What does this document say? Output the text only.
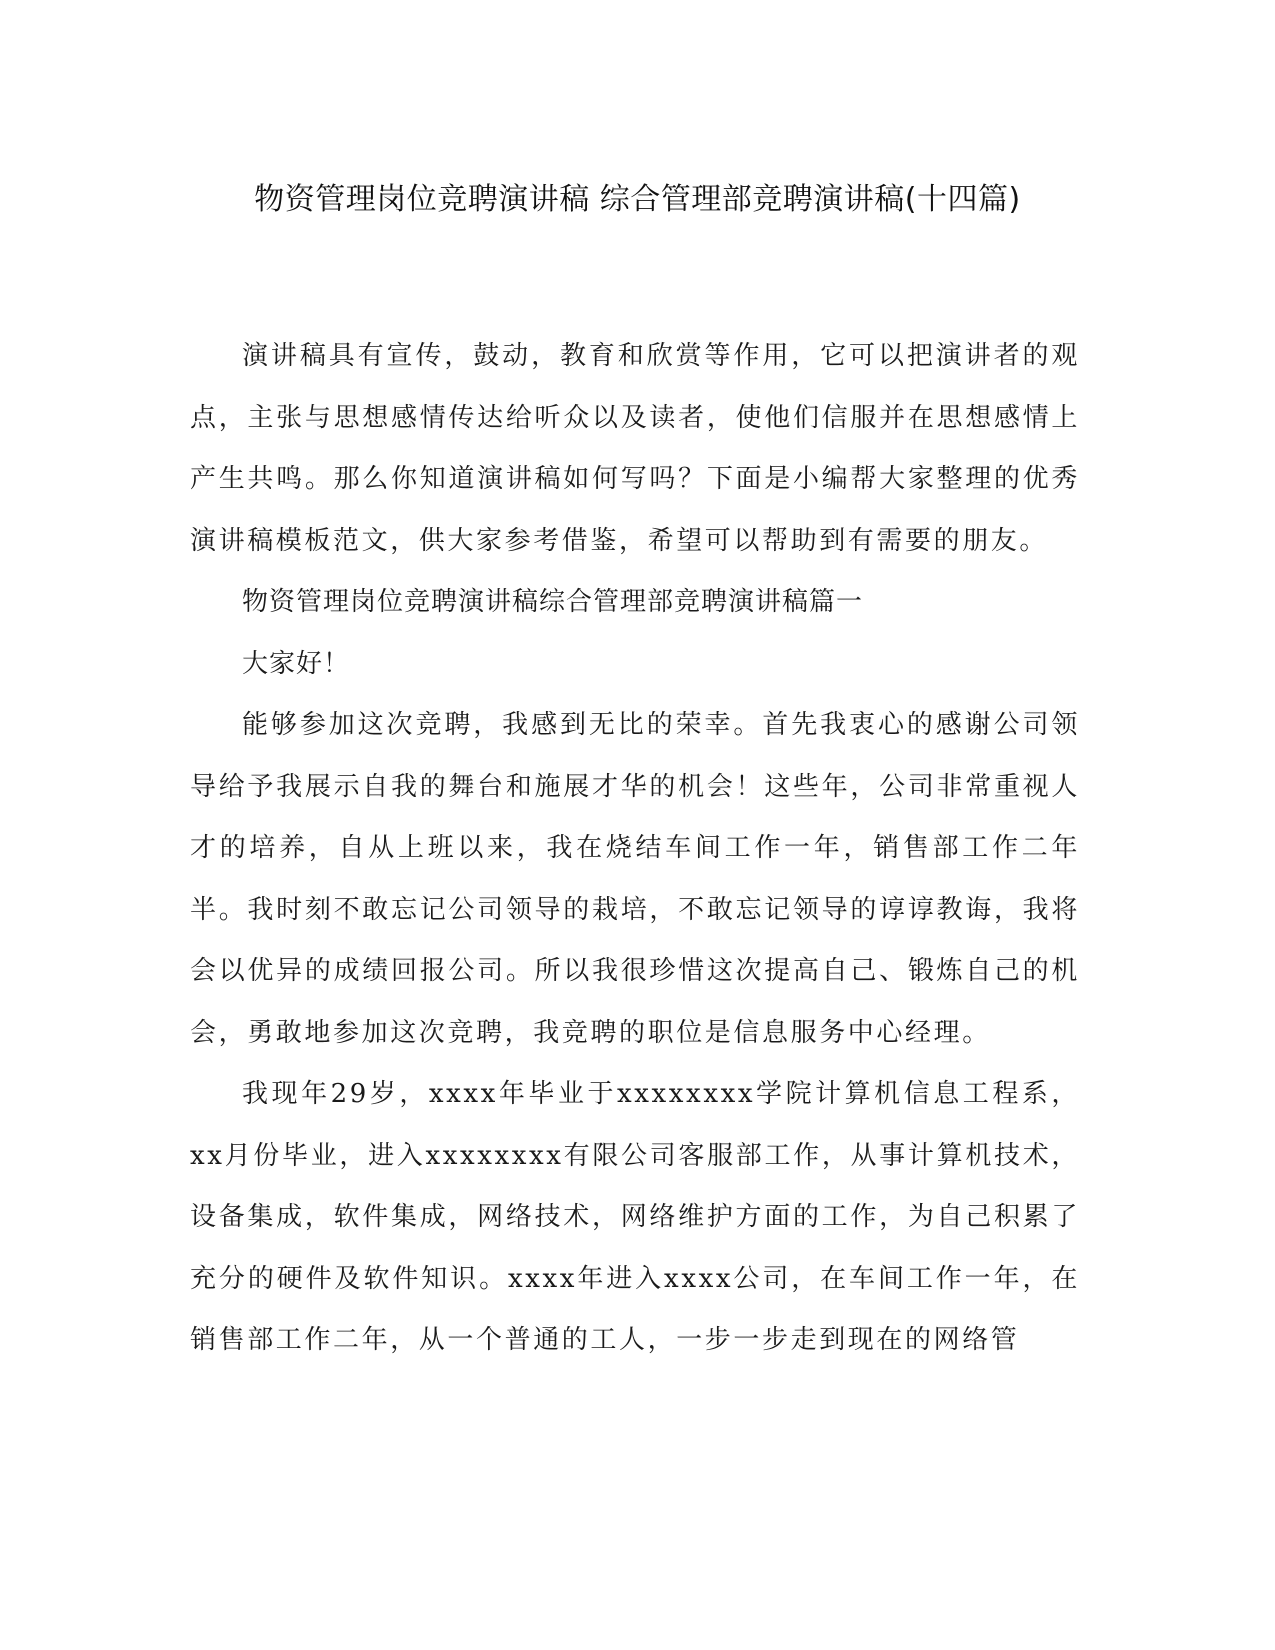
物资管理岗位竞聘演讲稿 综合管理部竞聘演讲稿(十四篇)

演讲稿具有宣传，鼓动，教育和欣赏等作用，它可以把演讲者的观点，主张与思想感情传达给听众以及读者，使他们信服并在思想感情上产生共鸣。那么你知道演讲稿如何写吗？下面是小编帮大家整理的优秀演讲稿模板范文，供大家参考借鉴，希望可以帮助到有需要的朋友。

物资管理岗位竞聘演讲稿综合管理部竞聘演讲稿篇一

大家好！

能够参加这次竞聘，我感到无比的荣幸。首先我衷心的感谢公司领导给予我展示自我的舞台和施展才华的机会！这些年，公司非常重视人才的培养，自从上班以来，我在烧结车间工作一年，销售部工作二年半。我时刻不敢忘记公司领导的栽培，不敢忘记领导的谆谆教诲，我将会以优异的成绩回报公司。所以我很珍惜这次提高自己、锻炼自己的机会，勇敢地参加这次竞聘，我竞聘的职位是信息服务中心经理。

我现年29岁，xxxx年毕业于xxxxxxxx学院计算机信息工程系，xx月份毕业，进入xxxxxxxx有限公司客服部工作，从事计算机技术，设备集成，软件集成，网络技术，网络维护方面的工作，为自己积累了充分的硬件及软件知识。xxxx年进入xxxx公司，在车间工作一年，在销售部工作二年，从一个普通的工人，一步一步走到现在的网络管
